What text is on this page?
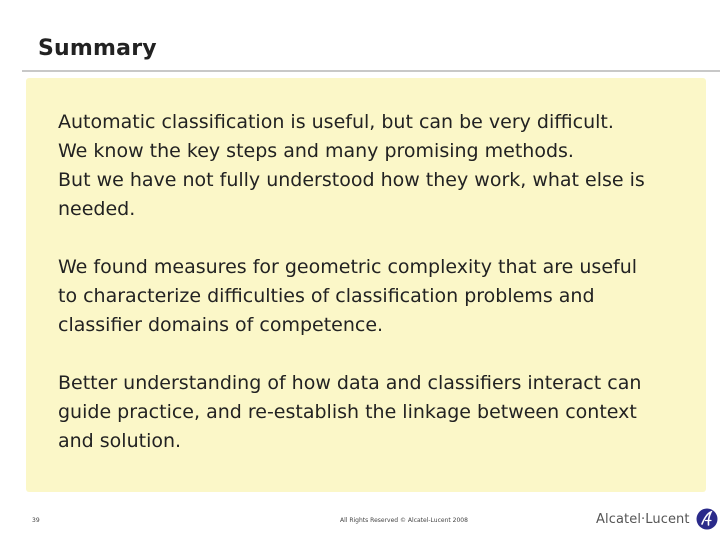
Summary
Automatic classification is useful, but can be very difficult.
We know the key steps and many promising methods.
But we have not fully understood how they work, what else is
needed.
We found measures for geometric complexity that are useful
to characterize difficulties of classification problems and
classifier domains of competence.
Better understanding of how data and classifiers interact can
guide practice, and re-establish the linkage between context
and solution.
39	All Rights Reserved © Alcatel-Lucent 2008	Alcatel·Lucent
